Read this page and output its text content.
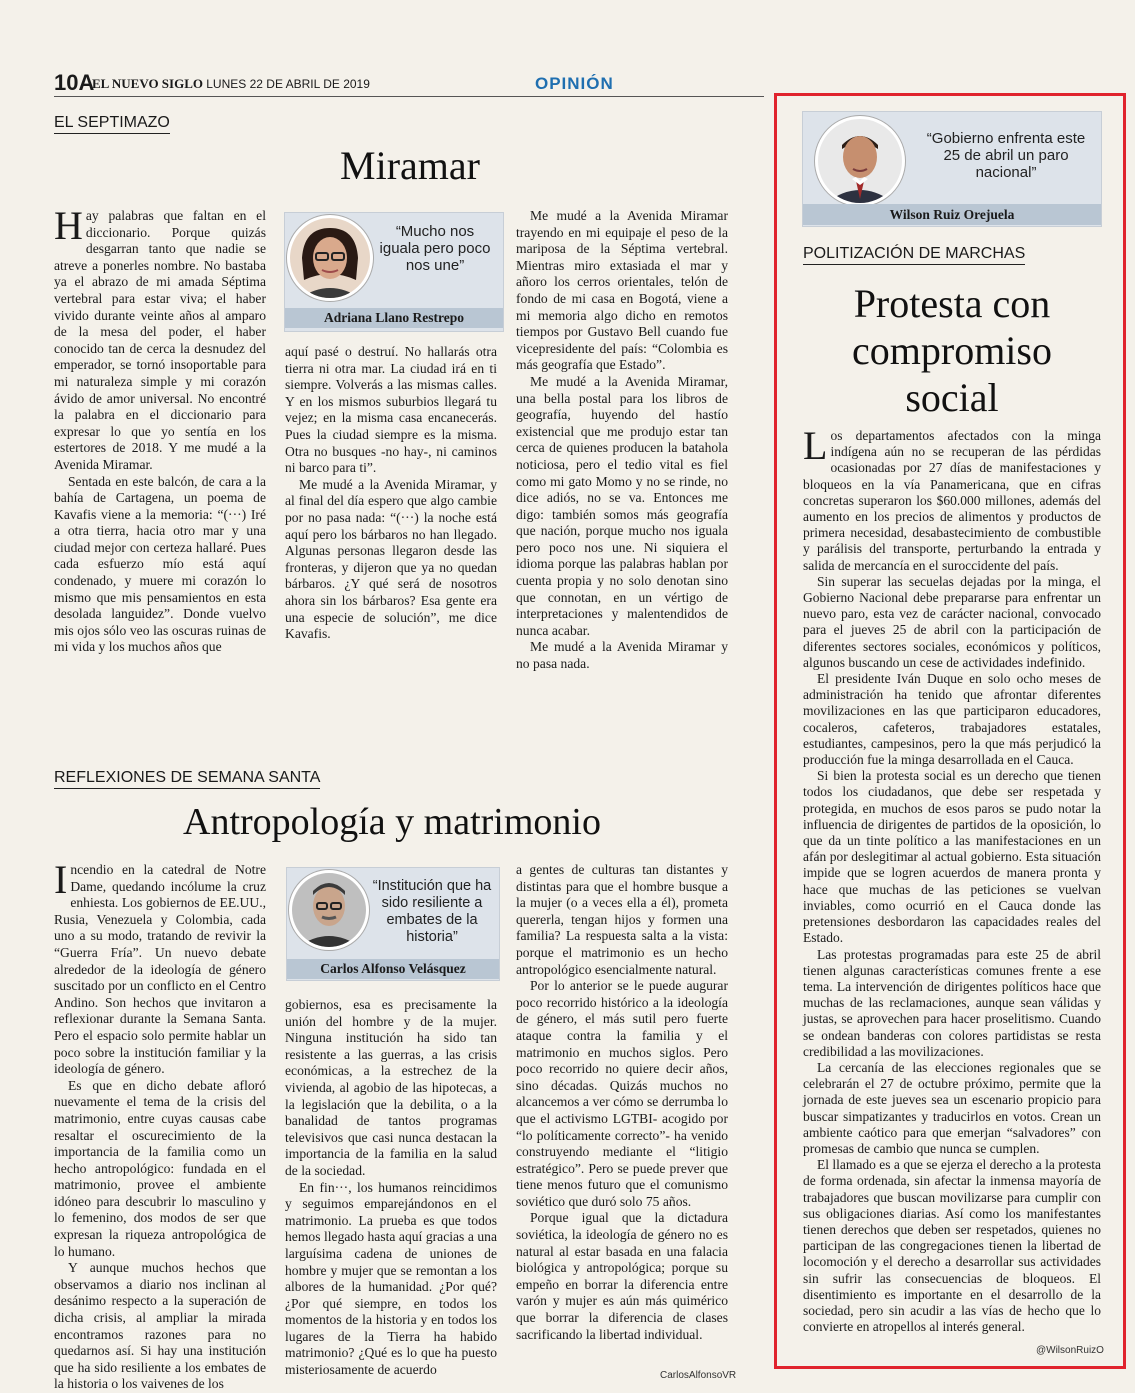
10A
EL NUEVO SIGLO LUNES 22 DE ABRIL DE 2019	OPINIÓN
EL SEPTIMAZO
Miramar
“Mucho nos iguala pero poco nos une”
Adriana Llano Restrepo

Hay palabras que faltan en el diccionario. Porque quizás desgarran tanto que nadie se atreve a ponerles nombre. No bastaba ya el abrazo de mi amada Séptima vertebral para estar viva; el haber vivido durante veinte años al amparo de la mesa del poder, el haber conocido tan de cerca la desnudez del emperador, se tornó insoportable para mi naturaleza simple y mi corazón ávido de amor universal. No encontré la palabra en el diccionario para expresar lo que yo sentía en los estertores de 2018. Y me mudé a la Avenida Miramar.

Sentada en este balcón, de cara a la bahía de Cartagena, un poema de Kavafis viene a la memoria: “(···) Iré a otra tierra, hacia otro mar y una ciudad mejor con certeza hallaré. Pues cada esfuerzo mío está aquí condenado, y muere mi corazón lo mismo que mis pensamientos en esta desolada languidez”. Donde vuelvo mis ojos sólo veo las oscuras ruinas de mi vida y los muchos años que

aquí pasé o destruí. No hallarás otra tierra ni otra mar. La ciudad irá en ti siempre. Volverás a las mismas calles. Y en los mismos suburbios llegará tu vejez; en la misma casa encanecerás. Pues la ciudad siempre es la misma. Otra no busques -no hay-, ni caminos ni barco para ti”.

Me mudé a la Avenida Miramar, y al final del día espero que algo cambie por no pasa nada: “(···) la noche está aquí pero los bárbaros no han llegado. Algunas personas llegaron desde las fronteras, y dijeron que ya no quedan bárbaros. ¿Y qué será de nosotros ahora sin los bárbaros? Esa gente era una especie de solución”, me dice Kavafis.

Me mudé a la Avenida Miramar trayendo en mi equipaje el peso de la mariposa de la Séptima vertebral. Mientras miro extasiada el mar y añoro los cerros orientales, telón de fondo de mi casa en Bogotá, viene a mi memoria algo dicho en remotos tiempos por Gustavo Bell cuando fue vicepresidente del país: “Colombia es más geografía que Estado”.

Me mudé a la Avenida Miramar, una bella postal para los libros de geografía, huyendo del hastío existencial que me produjo estar tan cerca de quienes producen la batahola noticiosa, pero el tedio vital es fiel como mi gato Momo y no se rinde, no dice adiós, no se va. Entonces me digo: también somos más geografía que nación, porque mucho nos iguala pero poco nos une. Ni siquiera el idioma porque las palabras hablan por cuenta propia y no solo denotan sino que connotan, en un vértigo de interpretaciones y malentendidos de nunca acabar.

Me mudé a la Avenida Miramar y no pasa nada.

REFLEXIONES DE SEMANA SANTA
Antropología y matrimonio
“Institución que ha sido resiliente a embates de la historia”
Carlos Alfonso Velásquez

Incendio en la catedral de Notre Dame, quedando incólume la cruz enhiesta. Los gobiernos de EE.UU., Rusia, Venezuela y Colombia, cada uno a su modo, tratando de revivir la “Guerra Fría”. Un nuevo debate alrededor de la ideología de género suscitado por un conflicto en el Centro Andino. Son hechos que invitaron a reflexionar durante la Semana Santa. Pero el espacio solo permite hablar un poco sobre la institución familiar y la ideología de género.

Es que en dicho debate afloró nuevamente el tema de la crisis del matrimonio, entre cuyas causas cabe resaltar el oscurecimiento de la importancia de la familia como un hecho antropológico: fundada en el matrimonio, provee el ambiente idóneo para descubrir lo masculino y lo femenino, dos modos de ser que expresan la riqueza antropológica de lo humano.

Y aunque muchos hechos que observamos a diario nos inclinan al desánimo respecto a la superación de dicha crisis, al ampliar la mirada encontramos razones para no quedarnos así. Si hay una institución que ha sido resiliente a los embates de la historia o los vaivenes de los

gobiernos, esa es precisamente la unión del hombre y de la mujer. Ninguna institución ha sido tan resistente a las guerras, a las crisis económicas, a la estrechez de la vivienda, al agobio de las hipotecas, a la legislación que la debilita, o a la banalidad de tantos programas televisivos que casi nunca destacan la importancia de la familia en la salud de la sociedad.

En fin···, los humanos reincidimos y seguimos emparejándonos en el matrimonio. La prueba es que todos hemos llegado hasta aquí gracias a una larguísima cadena de uniones de hombre y mujer que se remontan a los albores de la humanidad. ¿Por qué? ¿Por qué siempre, en todos los momentos de la historia y en todos los lugares de la Tierra ha habido matrimonio? ¿Qué es lo que ha puesto misteriosamente de acuerdo

a gentes de culturas tan distantes y distintas para que el hombre busque a la mujer (o a veces ella a él), prometa quererla, tengan hijos y formen una familia? La respuesta salta a la vista: porque el matrimonio es un hecho antropológico esencialmente natural.

Por lo anterior se le puede augurar poco recorrido histórico a la ideología de género, el más sutil pero fuerte ataque contra la familia y el matrimonio en muchos siglos. Pero poco recorrido no quiere decir años, sino décadas. Quizás muchos no alcancemos a ver cómo se derrumba lo que el activismo LGTBI- acogido por “lo políticamente correcto”- ha venido construyendo mediante el “litigio estratégico”. Pero se puede prever que tiene menos futuro que el comunismo soviético que duró solo 75 años.

Porque igual que la dictadura soviética, la ideología de género no es natural al estar basada en una falacia biológica y antropológica; porque su empeño en borrar la diferencia entre varón y mujer es aún más quimérico que borrar la diferencia de clases sacrificando la libertad individual.

CarlosAlfonsoVR
“Gobierno enfrenta este 25 de abril un paro nacional”
Wilson Ruiz Orejuela
POLITIZACIÓN DE MARCHAS
Protesta con compromiso social

Los departamentos afectados con la minga indígena aún no se recuperan de las pérdidas ocasionadas por 27 días de manifestaciones y bloqueos en la vía Panamericana, que en cifras concretas superaron los $60.000 millones, además del aumento en los precios de alimentos y productos de primera necesidad, desabastecimiento de combustible y parálisis del transporte, perturbando la entrada y salida de mercancía en el suroccidente del país.

Sin superar las secuelas dejadas por la minga, el Gobierno Nacional debe prepararse para enfrentar un nuevo paro, esta vez de carácter nacional, convocado para el jueves 25 de abril con la participación de diferentes sectores sociales, económicos y políticos, algunos buscando un cese de actividades indefinido.

El presidente Iván Duque en solo ocho meses de administración ha tenido que afrontar diferentes movilizaciones en las que participaron educadores, cocaleros, cafeteros, trabajadores estatales, estudiantes, campesinos, pero la que más perjudicó la producción fue la minga desarrollada en el Cauca.

Si bien la protesta social es un derecho que tienen todos los ciudadanos, que debe ser respetada y protegida, en muchos de esos paros se pudo notar la influencia de dirigentes de partidos de la oposición, lo que da un tinte político a las manifestaciones en un afán por deslegitimar al actual gobierno. Esta situación impide que se logren acuerdos de manera pronta y hace que muchas de las peticiones se vuelvan inviables, como ocurrió en el Cauca donde las pretensiones desbordaron las capacidades reales del Estado.

Las protestas programadas para este 25 de abril tienen algunas características comunes frente a ese tema. La intervención de dirigentes políticos hace que muchas de las reclamaciones, aunque sean válidas y justas, se aprovechen para hacer proselitismo. Cuando se ondean banderas con colores partidistas se resta credibilidad a las movilizaciones.

La cercanía de las elecciones regionales que se celebrarán el 27 de octubre próximo, permite que la jornada de este jueves sea un escenario propicio para buscar simpatizantes y traducirlos en votos. Crean un ambiente caótico para que emerjan “salvadores” con promesas de cambio que nunca se cumplen.

El llamado es a que se ejerza el derecho a la protesta de forma ordenada, sin afectar la inmensa mayoría de trabajadores que buscan movilizarse para cumplir con sus obligaciones diarias. Así como los manifestantes tienen derechos que deben ser respetados, quienes no participan de las congregaciones tienen la libertad de locomoción y el derecho a desarrollar sus actividades sin sufrir las consecuencias de bloqueos. El disentimiento es importante en el desarrollo de la sociedad, pero sin acudir a las vías de hecho que lo convierte en atropellos al interés general.

@WilsonRuizO
